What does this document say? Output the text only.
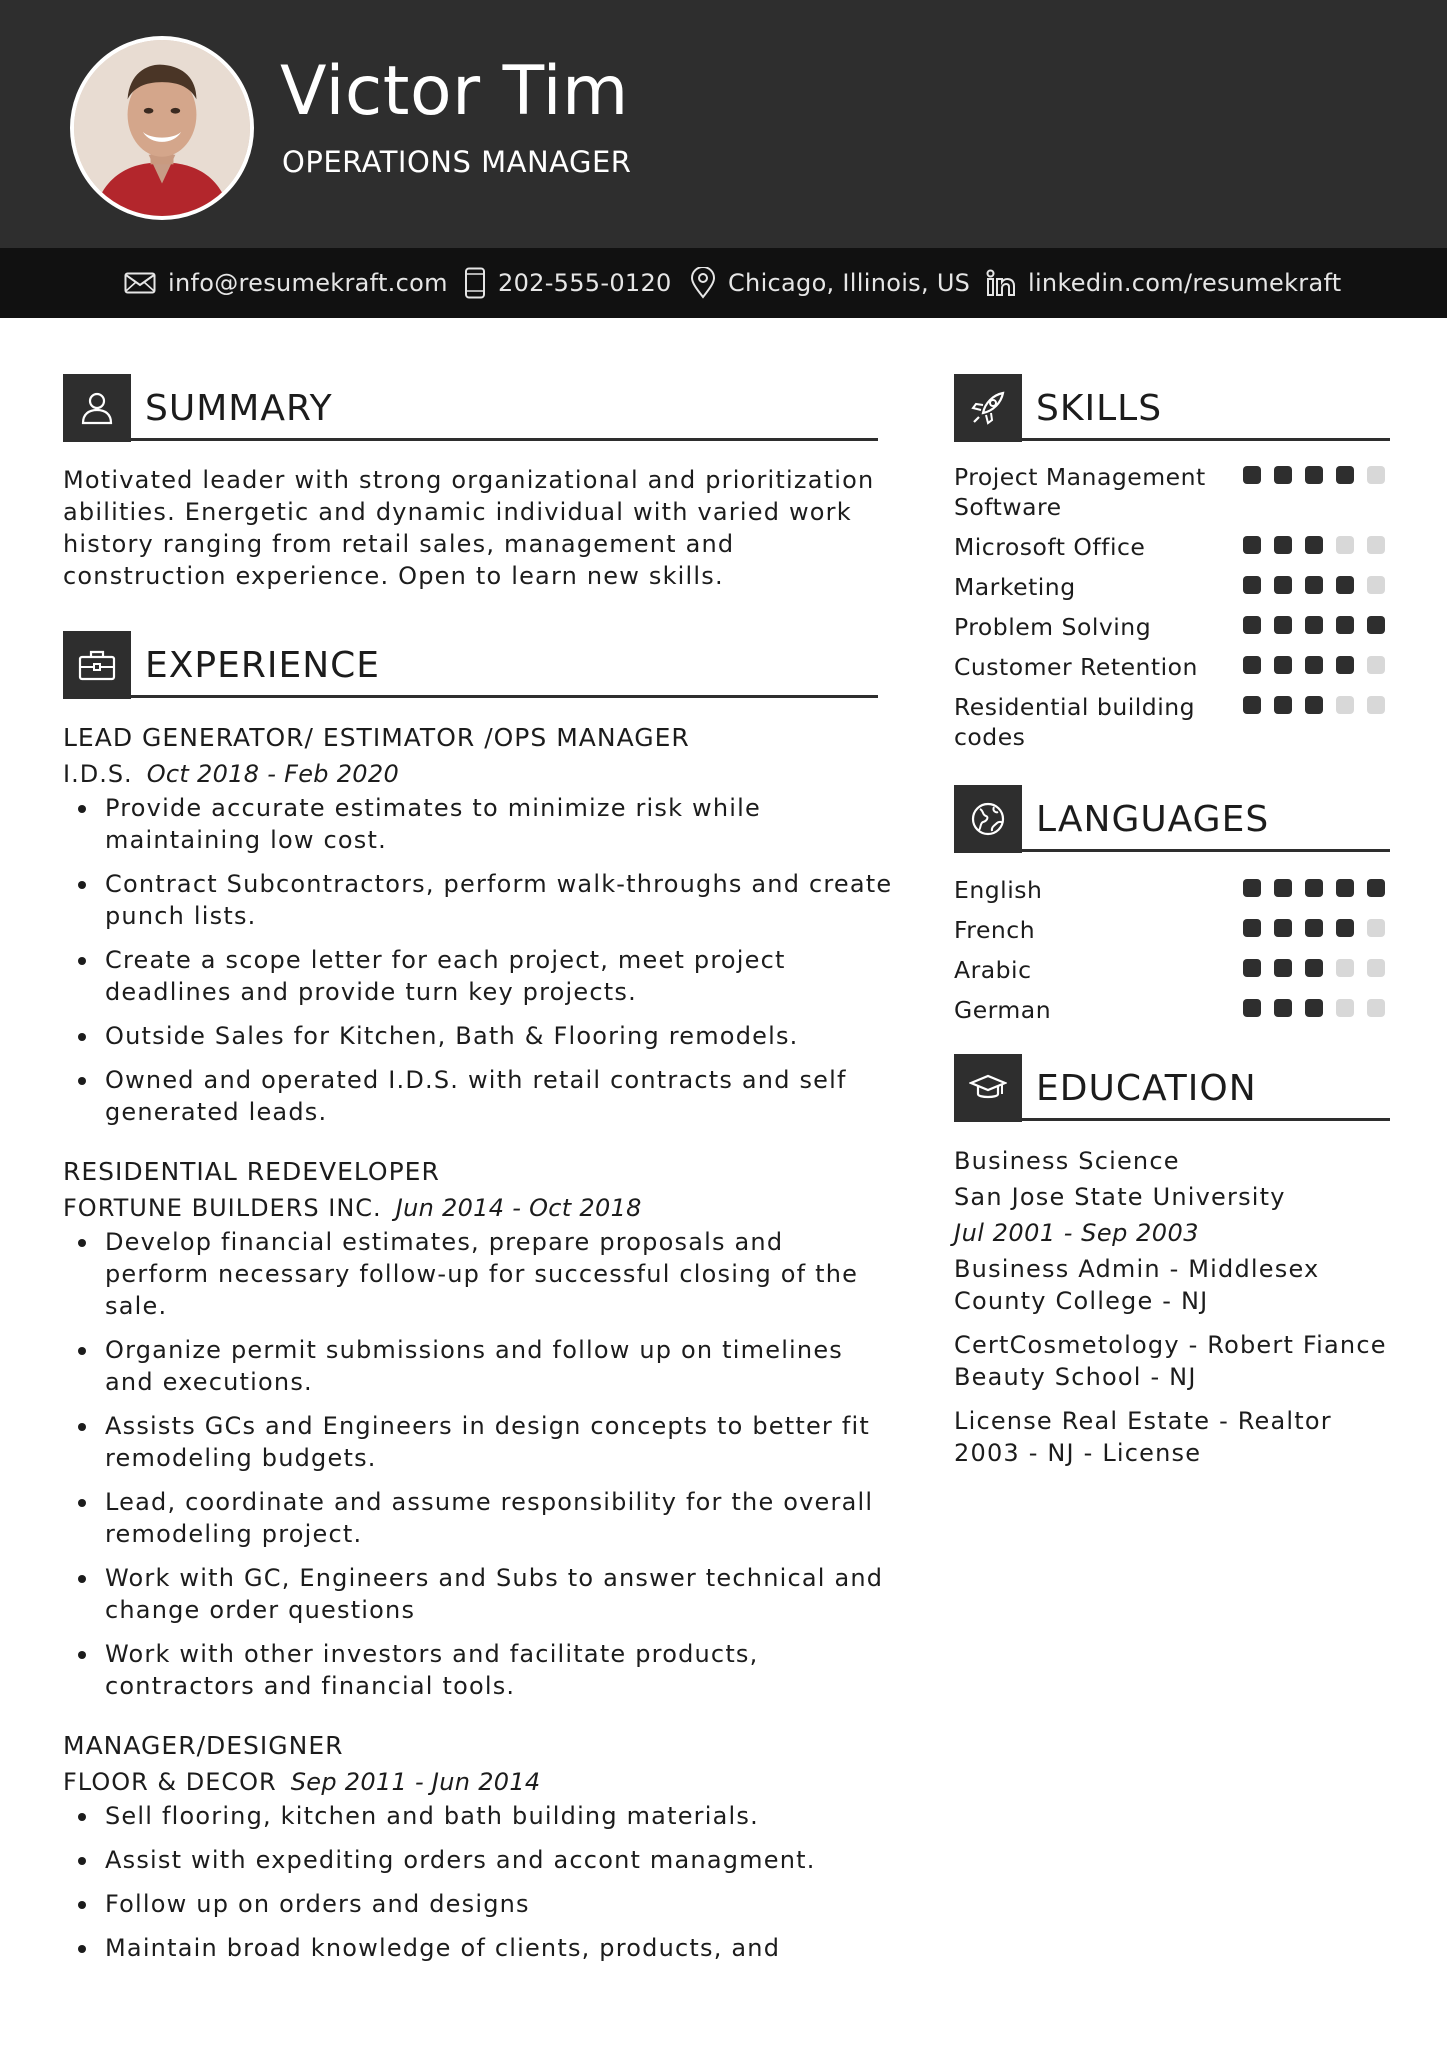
Victor Tim
OPERATIONS MANAGER
info@resumekraft.com 202-555-0120 Chicago, Illinois, US linkedin.com/resumekraft
SUMMARY
Motivated leader with strong organizational and prioritization abilities. Energetic and dynamic individual with varied work history ranging from retail sales, management and construction experience. Open to learn new skills.
EXPERIENCE
LEAD GENERATOR/ ESTIMATOR /OPS MANAGER
I.D.S. Oct 2018 - Feb 2020
Provide accurate estimates to minimize risk while maintaining low cost.
Contract Subcontractors, perform walk-throughs and create punch lists.
Create a scope letter for each project, meet project deadlines and provide turn key projects.
Outside Sales for Kitchen, Bath & Flooring remodels.
Owned and operated I.D.S. with retail contracts and self generated leads.
RESIDENTIAL REDEVELOPER
FORTUNE BUILDERS INC. Jun 2014 - Oct 2018
Develop financial estimates, prepare proposals and perform necessary follow-up for successful closing of the sale.
Organize permit submissions and follow up on timelines and executions.
Assists GCs and Engineers in design concepts to better fit remodeling budgets.
Lead, coordinate and assume responsibility for the overall remodeling project.
Work with GC, Engineers and Subs to answer technical and change order questions
Work with other investors and facilitate products, contractors and financial tools.
MANAGER/DESIGNER
FLOOR & DECOR Sep 2011 - Jun 2014
Sell flooring, kitchen and bath building materials.
Assist with expediting orders and accont managment.
Follow up on orders and designs
Maintain broad knowledge of clients, products, and
SKILLS
Project Management Software
Microsoft Office
Marketing
Problem Solving
Customer Retention
Residential building codes
LANGUAGES
English
French
Arabic
German
EDUCATION
Business Science
San Jose State University
Jul 2001 - Sep 2003
Business Admin - Middlesex County College - NJ
CertCosmetology - Robert Fiance Beauty School - NJ
License Real Estate - Realtor 2003 - NJ - License
